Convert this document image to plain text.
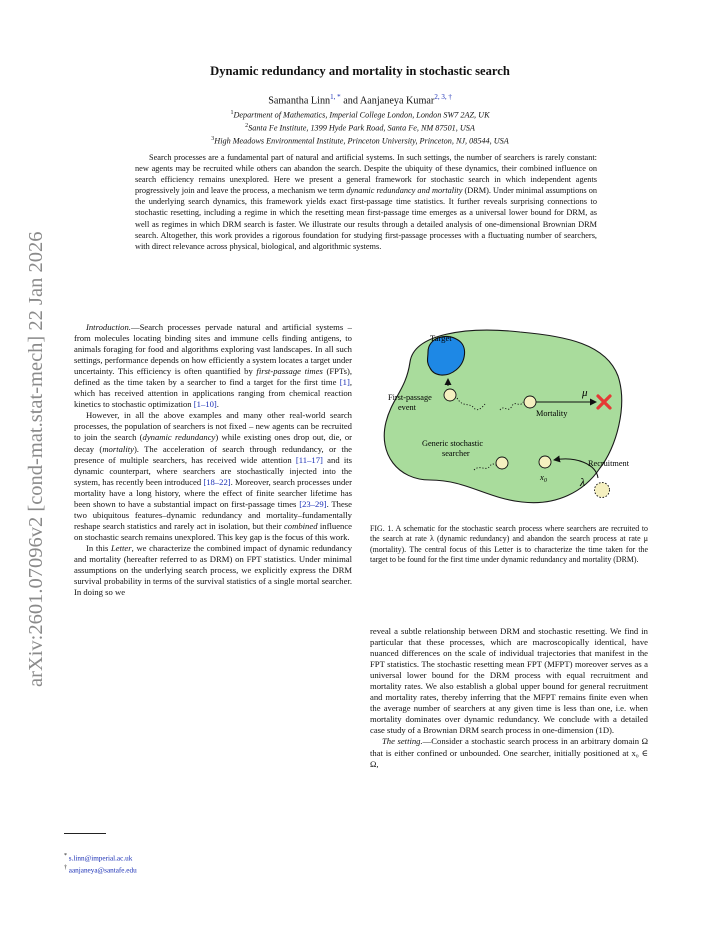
arXiv:2601.07096v2 [cond-mat.stat-mech] 22 Jan 2026
Dynamic redundancy and mortality in stochastic search
Samantha Linn$^{1, *}$ and Aanjaneya Kumar$^{2, 3, \dagger}$
$^1$Department of Mathematics, Imperial College London, London SW7 2AZ, UK
$^2$Santa Fe Institute, 1399 Hyde Park Road, Santa Fe, NM 87501, USA
$^3$High Meadows Environmental Institute, Princeton University, Princeton, NJ, 08544, USA

Search processes are a fundamental part of natural and artificial systems. In such settings, the number of searchers is rarely constant: new agents may be recruited while others can abandon the search. Despite the ubiquity of these dynamics, their combined influence on search efficiency remains unexplored. Here we present a general framework for stochastic search in which independent agents progressively join and leave the process, a mechanism we term dynamic redundancy and mortality (DRM). Under minimal assumptions on the underlying search dynamics, this framework yields exact first-passage time statistics. It further reveals surprising connections to stochastic resetting, including a regime in which the resetting mean first-passage time emerges as a universal lower bound for DRM, as well as regimes in which DRM search is faster. We illustrate our results through a detailed analysis of one-dimensional Brownian DRM search. Altogether, this work provides a rigorous foundation for studying first-passage processes with a fluctuating number of searchers, with direct relevance across physical, biological, and algorithmic systems.

Introduction.—Search processes pervade natural and artificial systems – from molecules locating binding sites and immune cells finding antigens, to animals foraging for food and algorithms exploring vast landscapes. In all such settings, performance depends on how efficiently a system locates a target under uncertainty. This efficiency is often quantified by first-passage times (FPTs), defined as the time taken by a searcher to find a target for the first time [1], which has received attention in applications ranging from chemical reaction kinetics to stochastic optimization [1–10].

However, in all the above examples and many other real-world search processes, the population of searchers is not fixed – new agents can be recruited to join the search (dynamic redundancy) while existing ones drop out, die, or decay (mortality). The acceleration of search through redundancy, or the presence of multiple searchers, has received wide attention [11–17] and its dynamic counterpart, where searchers are stochastically injected into the system, has recently been introduced [18–22]. Moreover, search processes under mortality have a long history, where the effect of finite searcher lifetime has been shown to have a substantial impact on first-passage times [23–29]. These two ubiquitous features–dynamic redundancy and mortality–fundamentally reshape search statistics and rarely act in isolation, but their combined influence on stochastic search remains unexplored. This key gap is the focus of this work.

In this Letter, we characterize the combined impact of dynamic redundancy and mortality (hereafter referred to as DRM) on FPT statistics. Under minimal assumptions on the underlying search process, we explicitly express the DRM survival probability in terms of the survival statistics of a single mortal searcher. In doing so we

Target
First-passage
event
Mortality
μ
Generic stochastic
searcher
$x_0$
Recruitment
λ
FIG. 1. A schematic for the stochastic search process where searchers are recruited to the search at rate λ (dynamic redundancy) and abandon the search process at rate μ (mortality). The central focus of this Letter is to characterize the time taken for the target to be found for the first time under dynamic redundancy and mortality (DRM).

reveal a subtle relationship between DRM and stochastic resetting. We find in particular that these processes, which are macroscopically identical, have nuanced differences on the scale of individual trajectories that manifest in the FPT statistics. The stochastic resetting mean FPT (MFPT) moreover serves as a universal lower bound for the DRM process with equal recruitment and mortality rates. We also establish a global upper bound for general recruitment and mortality rates, thereby inferring that the MFPT remains finite even when the average number of searchers at any given time is less than one, i.e. when mortality dominates over dynamic redundancy. We conclude with a detailed case study of a Brownian DRM search process in one-dimension (1D).

The setting.—Consider a stochastic search process in an arbitrary domain Ω that is either confined or unbounded. One searcher, initially positioned at x₀ ∈ Ω,

* s.linn@imperial.ac.uk
† aanjaneya@santafe.edu
